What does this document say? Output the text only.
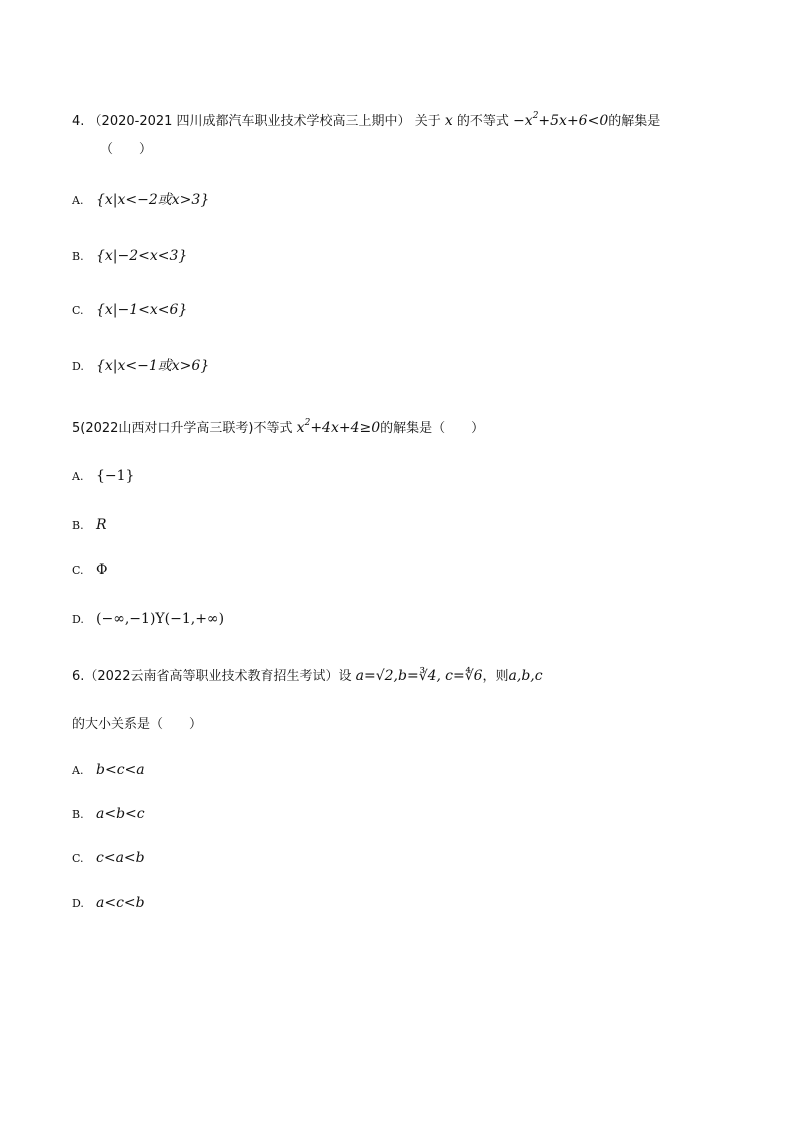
4. （2020-2021 四川成都汽车职业技术学校高三上期中） 关于 x 的不等式 $-x^2+5x+6<0$的解集是
（　　）
A. {x|x<−2或x>3}
B. {x|−2<x<3}
C. {x|−1<x<6}
D. {x|x<−1或x>6}
5(2022山西对口升学高三联考)不等式 $x^2+4x+4\ge 0$的解集是（　　）
A. {−1}
B. R
C. Φ
D. (−∞,−1)Y(−1,+∞)
6.（2022云南省高等职业技术教育招生考试）设 a=√2,b=∛4, c=∜6，则a,b,c
的大小关系是（　　）
A. b<c<a
B. a<b<c
C. c<a<b
D. a<c<b
